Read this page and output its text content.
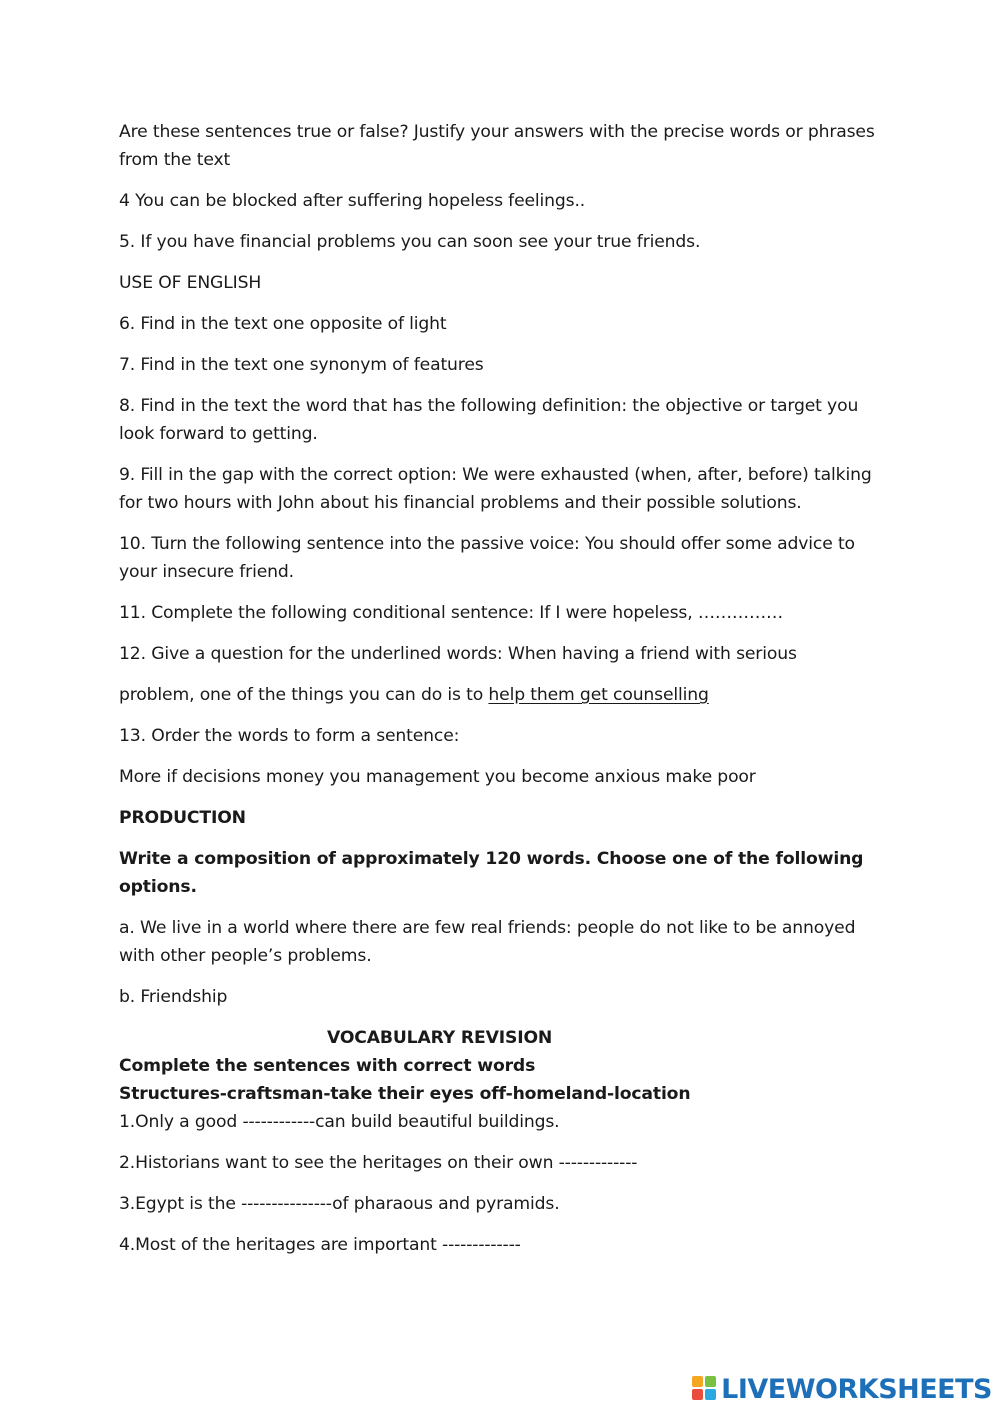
Are these sentences true or false? Justify your answers with the precise words or phrases from the text

4 You can be blocked after suffering hopeless feelings..

5. If you have financial problems you can soon see your true friends.

USE OF ENGLISH

6. Find in the text one opposite of light

7. Find in the text one synonym of features

8. Find in the text the word that has the following definition: the objective or target you look forward to getting.

9. Fill in the gap with the correct option: We were exhausted (when, after, before) talking for two hours with John about his financial problems and their possible solutions.

10. Turn the following sentence into the passive voice: You should offer some advice to your insecure friend.

11. Complete the following conditional sentence: If I were hopeless, ……………

12. Give a question for the underlined words: When having a friend with serious

problem, one of the things you can do is to help them get counselling

13. Order the words to form a sentence:

More if decisions money you management you become anxious make poor

PRODUCTION

Write a composition of approximately 120 words. Choose one of the following options.

a. We live in a world where there are few real friends: people do not like to be annoyed with other people’s problems.

b. Friendship

VOCABULARY REVISION

Complete the sentences with correct words

Structures-craftsman-take their eyes off-homeland-location

1.Only a good ------------can build beautiful buildings.

2.Historians want to see the heritages on their own -------------

3.Egypt is the ---------------of pharaous and pyramids.

4.Most of the heritages are important -------------

LIVEWORKSHEETS
